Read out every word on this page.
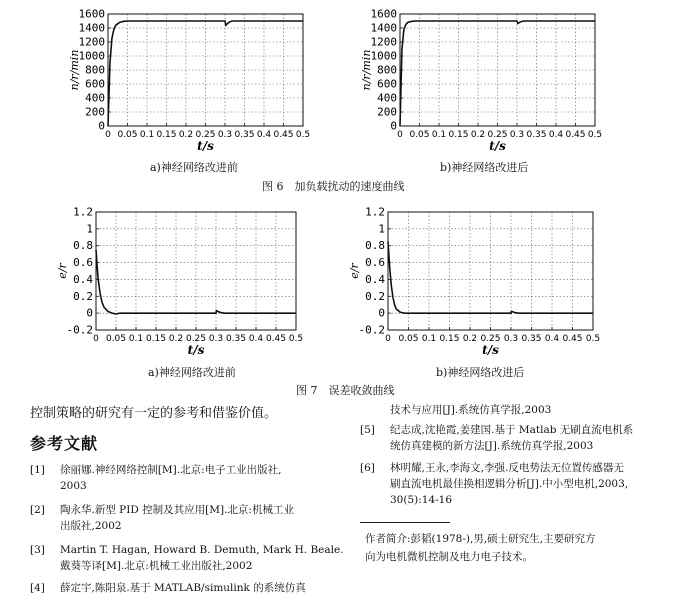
0
200
400
600
800
1000
1200
1400
1600
0 0.05 0.1 0.15 0.2 0.25 0.3 0.35 0.4 0.45 0.5
t/s
n/r/min
0
200
400
600
800
1000
1200
1400
1600
0 0.05 0.1 0.15 0.2 0.25 0.3 0.35 0.4 0.45 0.5
t/s
n/r/min
a)神经网络改进前	b)神经网络改进后
图 6　加负载扰动的速度曲线
-0.2
0
0.2
0.4
0.6
0.8
1
1.2
0 0.05 0.1 0.15 0.2 0.25 0.3 0.35 0.4 0.45 0.5
t/s
e/r
-0.2
0
0.2
0.4
0.6
0.8
1
1.2
0 0.05 0.1 0.15 0.2 0.25 0.3 0.35 0.4 0.45 0.5
t/s
e/r
a)神经网络改进前	b)神经网络改进后
图 7　误差收敛曲线
控制策略的研究有一定的参考和借鉴价值。
参考文献
[1] 徐丽娜.神经网络控制[M].北京:电子工业出版社,
2003
[2] 陶永华.新型 PID 控制及其应用[M].北京:机械工业
出版社,2002
[3] Martin T. Hagan, Howard B. Demuth, Mark H. Beale.
戴葵等译[M].北京:机械工业出版社,2002
[4] 薛定宇,陈阳泉.基于 MATLAB/simulink 的系统仿真
技术与应用[J].系统仿真学报,2003
[5] 纪志成,沈艳霞,姜建国.基于 Matlab 无刷直流电机系
统仿真建模的新方法[J].系统仿真学报,2003
[6] 林明耀,王永,李海文,李强.反电势法无位置传感器无
刷直流电机最佳换相逻辑分析[J].中小型电机,2003,
30(5):14-16
作者简介:彭韬(1978-),男,硕士研究生,主要研究方
向为电机微机控制及电力电子技术。
